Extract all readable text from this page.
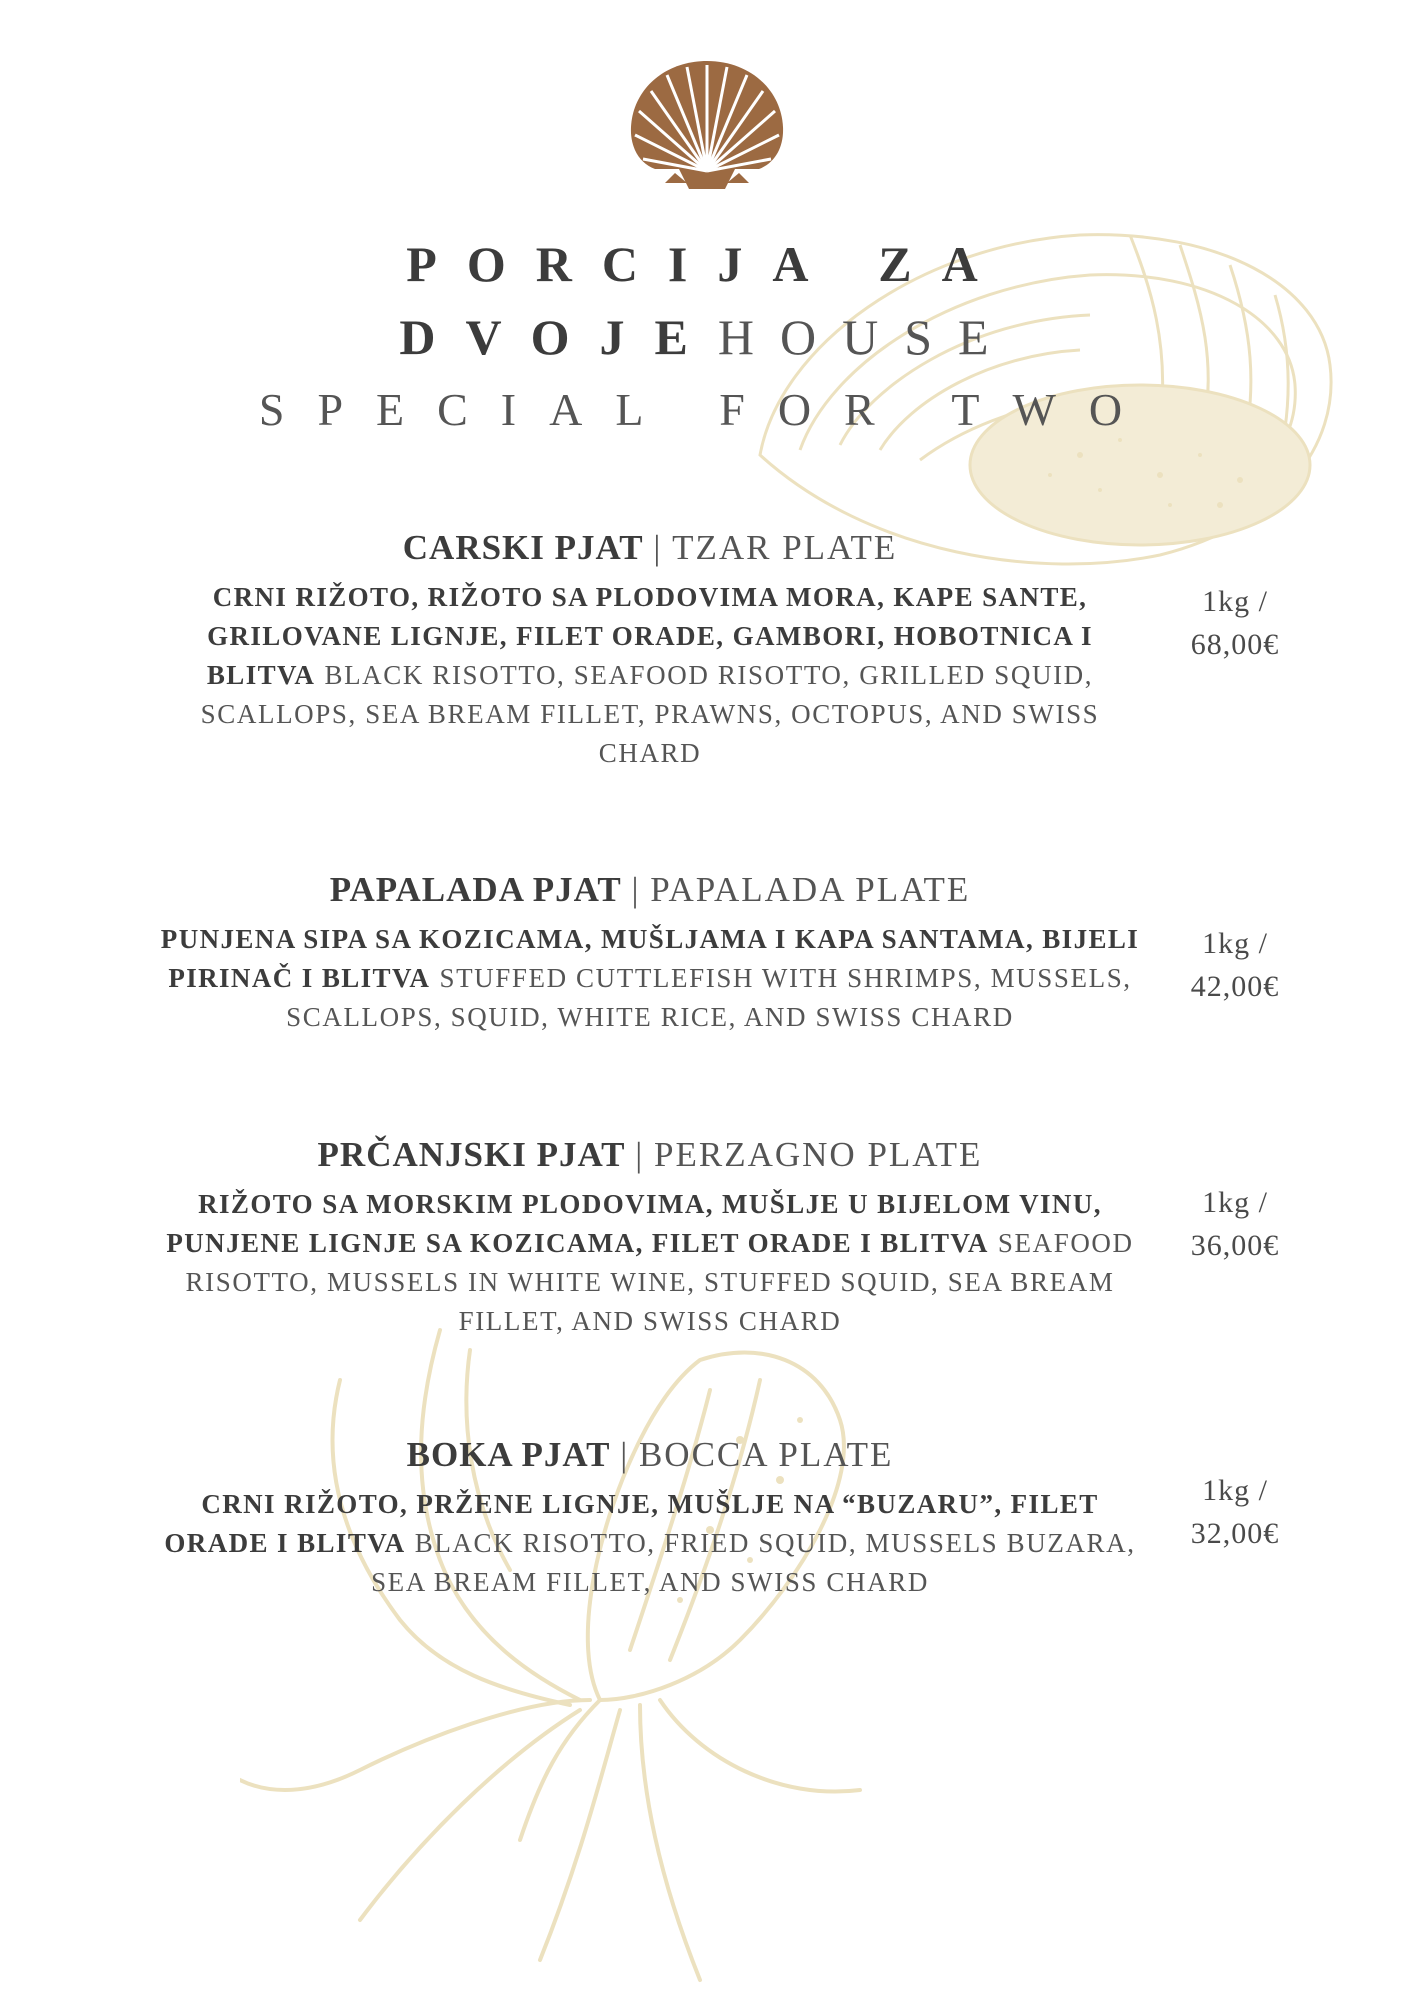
PORCIJA ZA
DVOJEHOUSE
SPECIAL FOR TWO
CARSKI PJAT | TZAR PLATE
CRNI RIŽOTO, RIŽOTO SA PLODOVIMA MORA, KAPE SANTE, GRILOVANE LIGNJE, FILET ORADE, GAMBORI, HOBOTNICA I BLITVA BLACK RISOTTO, SEAFOOD RISOTTO, GRILLED SQUID, SCALLOPS, SEA BREAM FILLET, PRAWNS, OCTOPUS, AND SWISS CHARD
1kg /
68,00€
PAPALADA PJAT | PAPALADA PLATE
PUNJENA SIPA SA KOZICAMA, MUŠLJAMA I KAPA SANTAMA, BIJELI PIRINAČ I BLITVA STUFFED CUTTLEFISH WITH SHRIMPS, MUSSELS, SCALLOPS, SQUID, WHITE RICE, AND SWISS CHARD
1kg /
42,00€
PRČANJSKI PJAT | PERZAGNO PLATE
RIŽOTO SA MORSKIM PLODOVIMA, MUŠLJE U BIJELOM VINU, PUNJENE LIGNJE SA KOZICAMA, FILET ORADE I BLITVA SEAFOOD RISOTTO, MUSSELS IN WHITE WINE, STUFFED SQUID, SEA BREAM FILLET, AND SWISS CHARD
1kg /
36,00€
BOKA PJAT | BOCCA PLATE
CRNI RIŽOTO, PRŽENE LIGNJE, MUŠLJE NA “BUZARU”, FILET ORADE I BLITVA BLACK RISOTTO, FRIED SQUID, MUSSELS BUZARA, SEA BREAM FILLET, AND SWISS CHARD
1kg /
32,00€
